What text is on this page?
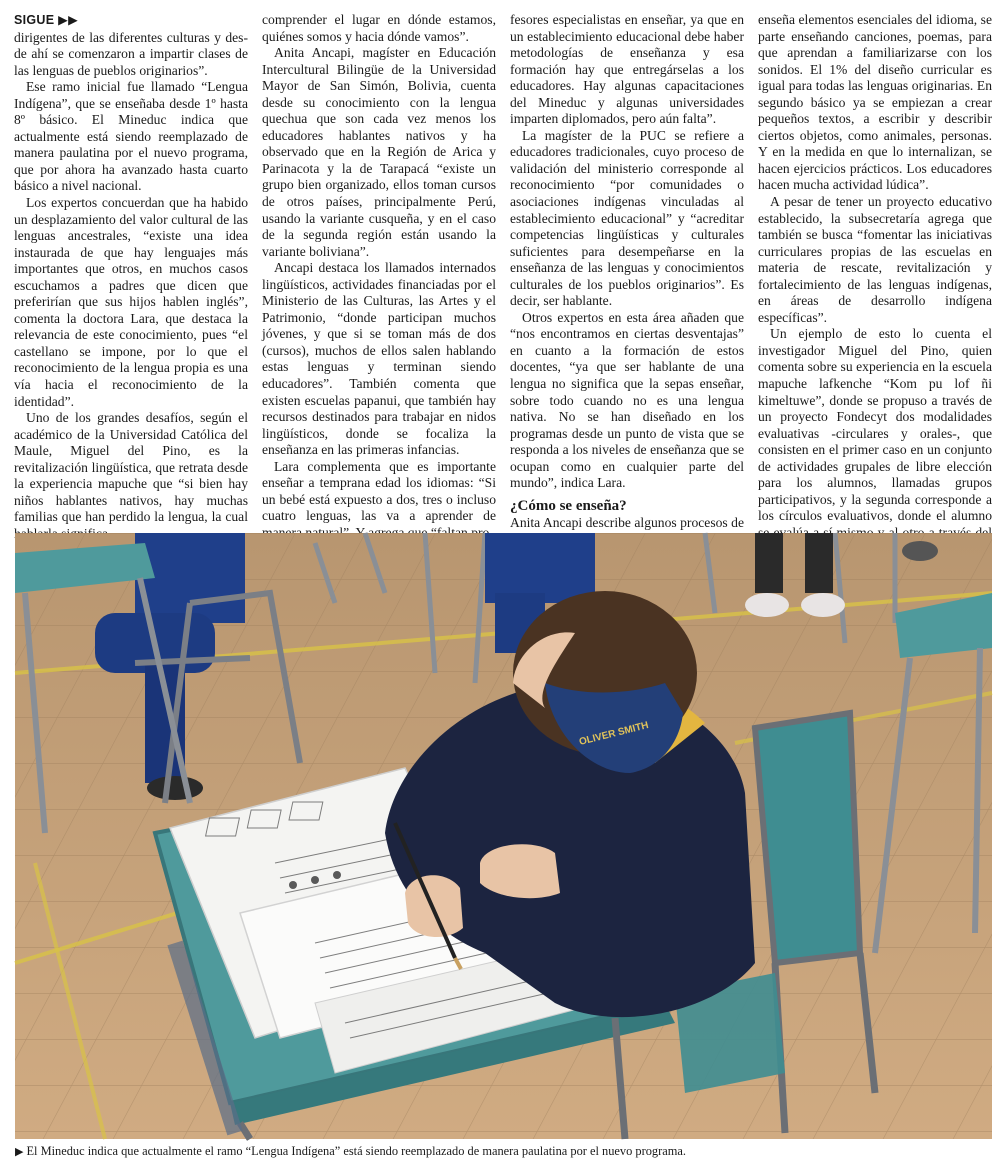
SIGUE ▶▶

dirigentes de las diferentes culturas y des-de ahí se comenzaron a impartir clases de las lenguas de pueblos originarios”.

Ese ramo inicial fue llamado “Lengua Indígena”, que se enseñaba desde 1º hasta 8º básico. El Mineduc indica que actualmente está siendo reemplazado de manera paulatina por el nuevo programa, que por ahora ha avanzado hasta cuarto básico a nivel nacional.

Los expertos concuerdan que ha habido un desplazamiento del valor cultural de las lenguas ancestrales, “existe una idea instaurada de que hay lenguajes más importantes que otros, en muchos casos escuchamos a padres que dicen que preferirían que sus hijos hablen inglés”, comenta la doctora Lara, que destaca la relevancia de este conocimiento, pues “el castellano se impone, por lo que el reconocimiento de la lengua propia es una vía hacia el reconocimiento de la identidad”.

Uno de los grandes desafíos, según el académico de la Universidad Católica del Maule, Miguel del Pino, es la revitalización lingüística, que retrata desde la experiencia mapuche que “si bien hay niños hablantes nativos, hay muchas familias que han perdido la lengua, la cual

comprender el lugar en dónde estamos, quiénes somos y hacia dónde vamos”.

Anita Ancapi, magíster en Educación Intercultural Bilingüe de la Universidad Mayor de San Simón, Bolivia, cuenta desde su conocimiento con la lengua quechua que son cada vez menos los educadores hablantes nativos y ha observado que en la Región de Arica y Parinacota y la de Tarapacá “existe un grupo bien organizado, ellos toman cursos de otros países, principalmente Perú, usando la variante cusqueña, y en el caso de la segunda región están usando la variante boliviana”.

Ancapi destaca los llamados internados lingüísticos, actividades financiadas por el Ministerio de las Culturas, las Artes y el Patrimonio, “donde participan muchos jóvenes, y que si se toman más de dos (cursos), muchos de ellos salen hablando estas lenguas y terminan siendo educadores”. También comenta que existen escuelas papanui, que también hay recursos destinados para trabajar en nidos lingüísticos, donde se focaliza la enseñanza en las primeras infancias.

Lara complementa que es importante enseñar a temprana edad los idiomas: “Si un bebé está expuesto a dos, tres o incluso cuatro lenguas, las va a aprender de

fesores especialistas en enseñar, ya que en un establecimiento educacional debe haber metodologías de enseñanza y esa formación hay que entregárselas a los educadores. Hay algunas capacitaciones del Mineduc y algunas universidades imparten diplomados, pero aún falta”.

La magíster de la PUC se refiere a educadores tradicionales, cuyo proceso de validación del ministerio corresponde al reconocimiento “por comunidades o asociaciones indígenas vinculadas al establecimiento educacional” y “acreditar competencias lingüísticas y culturales suficientes para desempeñarse en la enseñanza de las lenguas y conocimientos culturales de los pueblos originarios”. Es decir, ser hablante.

Otros expertos en esta área añaden que “nos encontramos en ciertas desventajas” en cuanto a la formación de estos docentes, “ya que ser hablante de una lengua no significa que la sepas enseñar, sobre todo cuando no es una lengua nativa. No se han diseñado en los programas desde un punto de vista que se responda a los niveles de enseñanza que se ocupan como en cualquier parte del mundo”, indica Lara.

¿Cómo se enseña?

Anita Ancapi describe algunos procesos de

enseña elementos esenciales del idioma, se parte enseñando canciones, poemas, para que aprendan a familiarizarse con los sonidos. El 1% del diseño curricular es igual para todas las lenguas originarias. En segundo básico ya se empiezan a crear pequeños textos, a escribir y describir ciertos objetos, como animales, personas. Y en la medida en que lo internalizan, se hacen ejercicios prácticos. Los educadores hacen mucha actividad lúdica”.

A pesar de tener un proyecto educativo establecido, la subsecretaría agrega que también se busca “fomentar las iniciativas curriculares propias de las escuelas en materia de rescate, revitalización y fortalecimiento de las lenguas indígenas, en áreas de desarrollo indígena específicas”.

Un ejemplo de esto lo cuenta el investigador Miguel del Pino, quien comenta sobre su experiencia en la escuela mapuche lafkenche “Kom pu lof ñi kimeltuwe”, donde se propuso a través de un proyecto Fondecyt dos modalidades evaluativas -circulares y orales-, que consisten en el primer caso en un conjunto de actividades grupales de libre elección para los alumnos, llamadas grupos participativos, y la segunda corresponde a los círculos evaluativos, donde el alumno

OLIVER SMITH
▶ El Mineduc indica que actualmente el ramo “Lengua Indígena” está siendo reemplazado de manera paulatina por el nuevo programa.
